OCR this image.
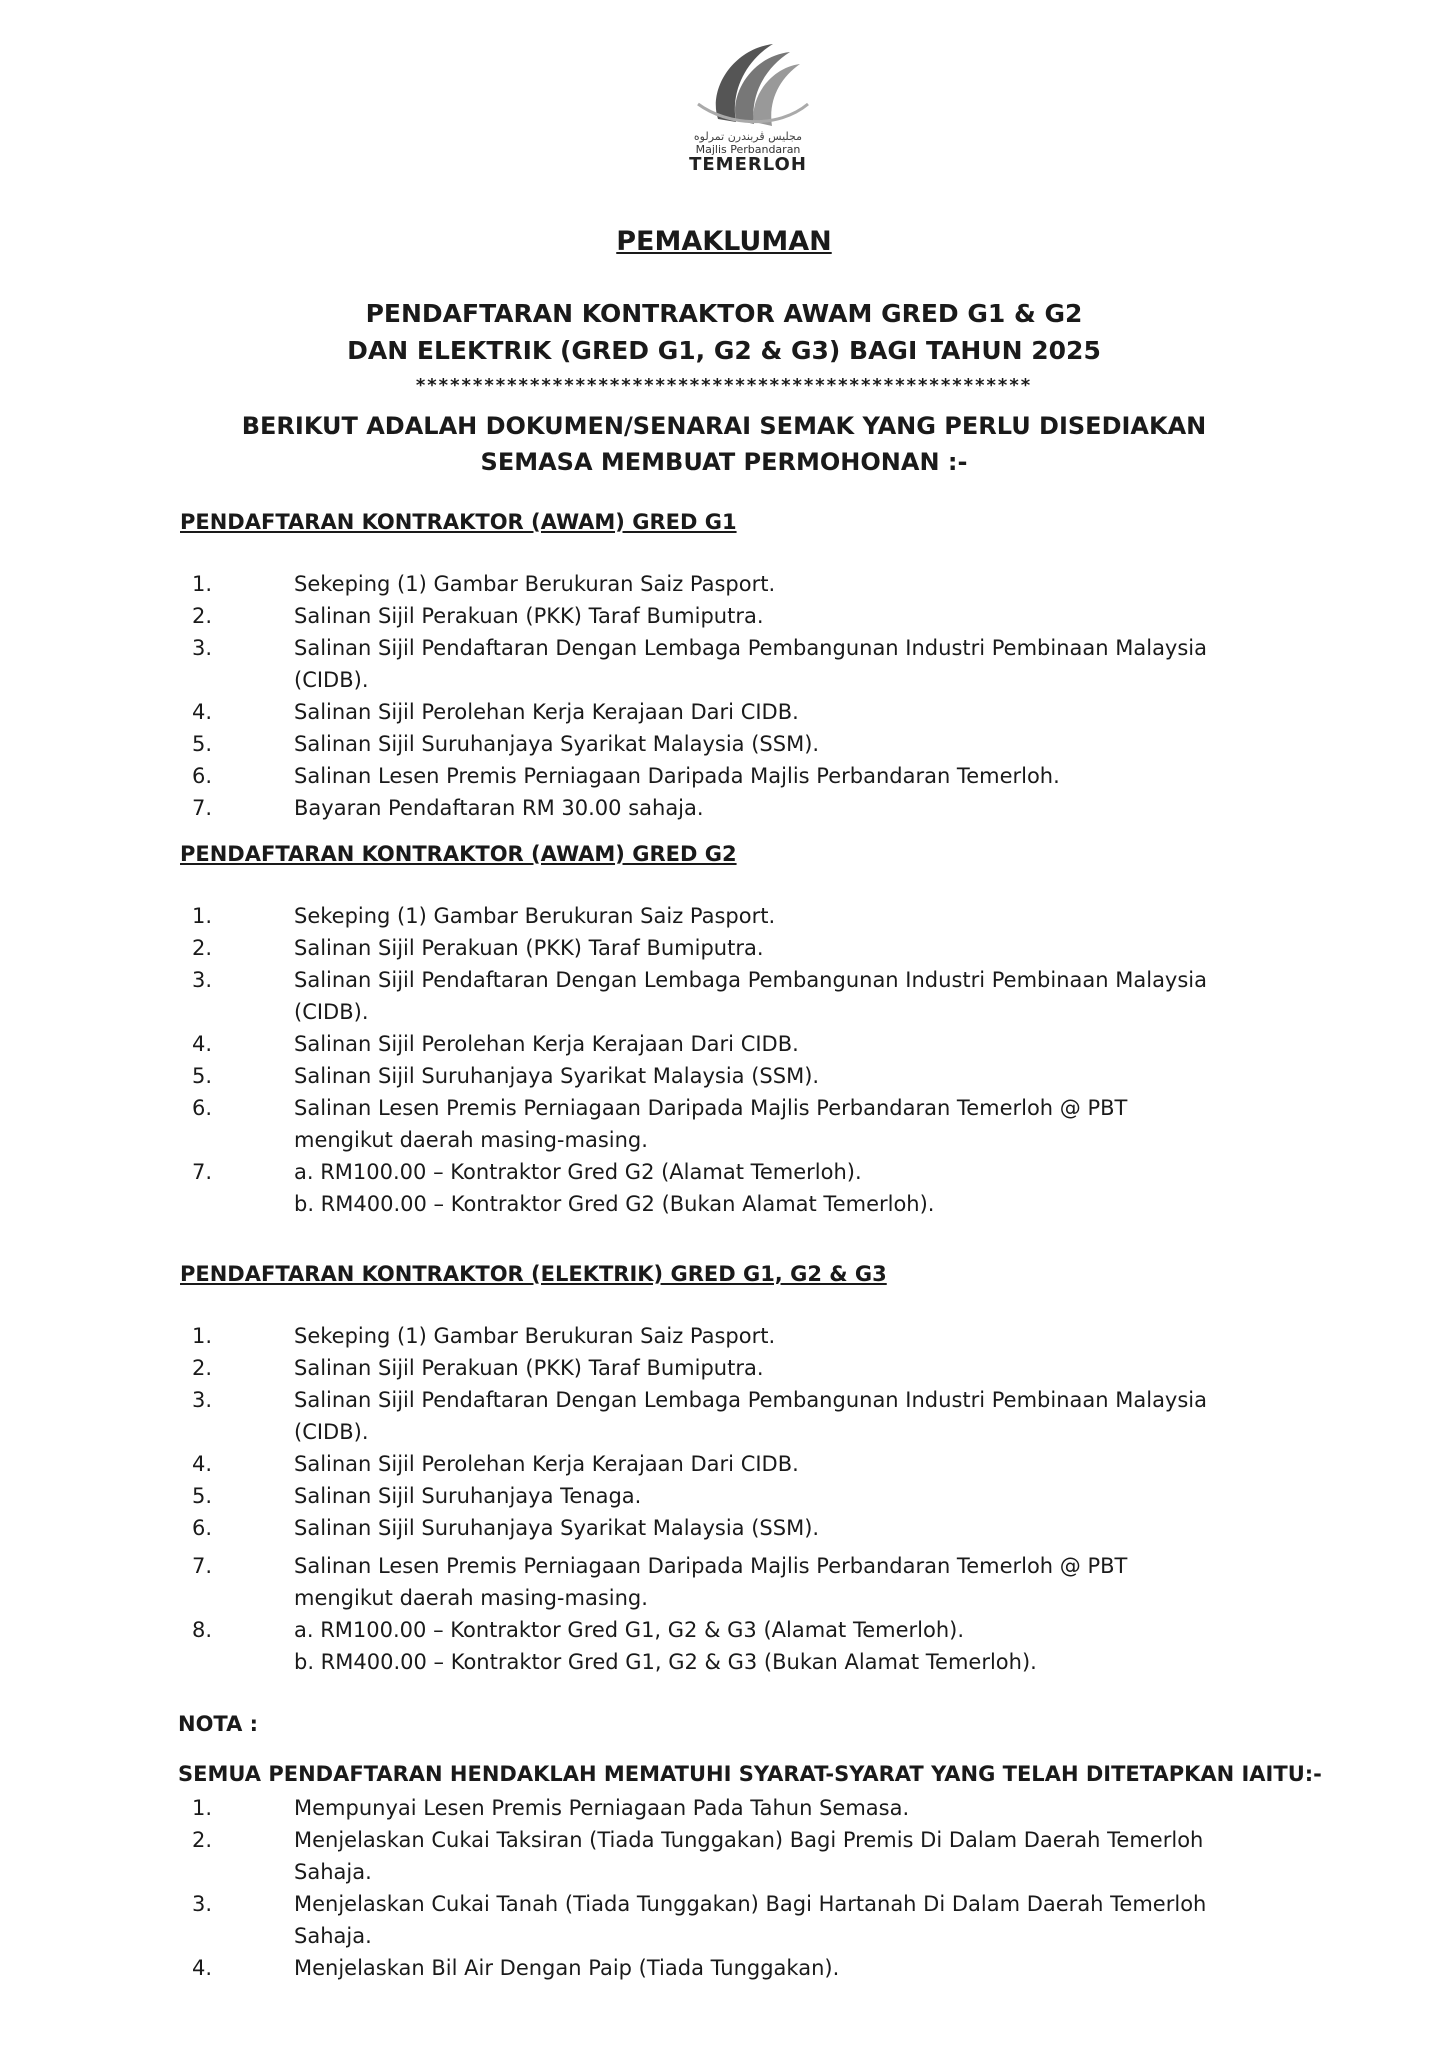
مجليس ڤربندرن تمرلوه
Majlis Perbandaran
TEMERLOH
PEMAKLUMAN
PENDAFTARAN KONTRAKTOR AWAM GRED G1 & G2
DAN ELEKTRIK (GRED G1, G2 & G3) BAGI TAHUN 2025
******************************************************
BERIKUT ADALAH DOKUMEN/SENARAI SEMAK YANG PERLU DISEDIAKAN
SEMASA MEMBUAT PERMOHONAN :-
PENDAFTARAN KONTRAKTOR (AWAM) GRED G1
1.	Sekeping (1) Gambar Berukuran Saiz Pasport.
2.	Salinan Sijil Perakuan (PKK) Taraf Bumiputra.
3.	Salinan Sijil Pendaftaran Dengan Lembaga Pembangunan Industri Pembinaan Malaysia
(CIDB).
4.	Salinan Sijil Perolehan Kerja Kerajaan Dari CIDB.
5.	Salinan Sijil Suruhanjaya Syarikat Malaysia (SSM).
6.	Salinan Lesen Premis Perniagaan Daripada Majlis Perbandaran Temerloh.
7.	Bayaran Pendaftaran RM 30.00 sahaja.
PENDAFTARAN KONTRAKTOR (AWAM) GRED G2
1.	Sekeping (1) Gambar Berukuran Saiz Pasport.
2.	Salinan Sijil Perakuan (PKK) Taraf Bumiputra.
3.	Salinan Sijil Pendaftaran Dengan Lembaga Pembangunan Industri Pembinaan Malaysia
(CIDB).
4.	Salinan Sijil Perolehan Kerja Kerajaan Dari CIDB.
5.	Salinan Sijil Suruhanjaya Syarikat Malaysia (SSM).
6.	Salinan Lesen Premis Perniagaan Daripada Majlis Perbandaran Temerloh @ PBT
mengikut daerah masing-masing.
7.	a. RM100.00 – Kontraktor Gred G2 (Alamat Temerloh).
b. RM400.00 – Kontraktor Gred G2 (Bukan Alamat Temerloh).
PENDAFTARAN KONTRAKTOR (ELEKTRIK) GRED G1, G2 & G3
1.	Sekeping (1) Gambar Berukuran Saiz Pasport.
2.	Salinan Sijil Perakuan (PKK) Taraf Bumiputra.
3.	Salinan Sijil Pendaftaran Dengan Lembaga Pembangunan Industri Pembinaan Malaysia
(CIDB).
4.	Salinan Sijil Perolehan Kerja Kerajaan Dari CIDB.
5.	Salinan Sijil Suruhanjaya Tenaga.
6.	Salinan Sijil Suruhanjaya Syarikat Malaysia (SSM).
7.	Salinan Lesen Premis Perniagaan Daripada Majlis Perbandaran Temerloh @ PBT
mengikut daerah masing-masing.
8.	a. RM100.00 – Kontraktor Gred G1, G2 & G3 (Alamat Temerloh).
b. RM400.00 – Kontraktor Gred G1, G2 & G3 (Bukan Alamat Temerloh).
NOTA :
SEMUA PENDAFTARAN HENDAKLAH MEMATUHI SYARAT-SYARAT YANG TELAH DITETAPKAN IAITU:-
1.	Mempunyai Lesen Premis Perniagaan Pada Tahun Semasa.
2.	Menjelaskan Cukai Taksiran (Tiada Tunggakan) Bagi Premis Di Dalam Daerah Temerloh
Sahaja.
3.	Menjelaskan Cukai Tanah (Tiada Tunggakan) Bagi Hartanah Di Dalam Daerah Temerloh
Sahaja.
4.	Menjelaskan Bil Air Dengan Paip (Tiada Tunggakan).
